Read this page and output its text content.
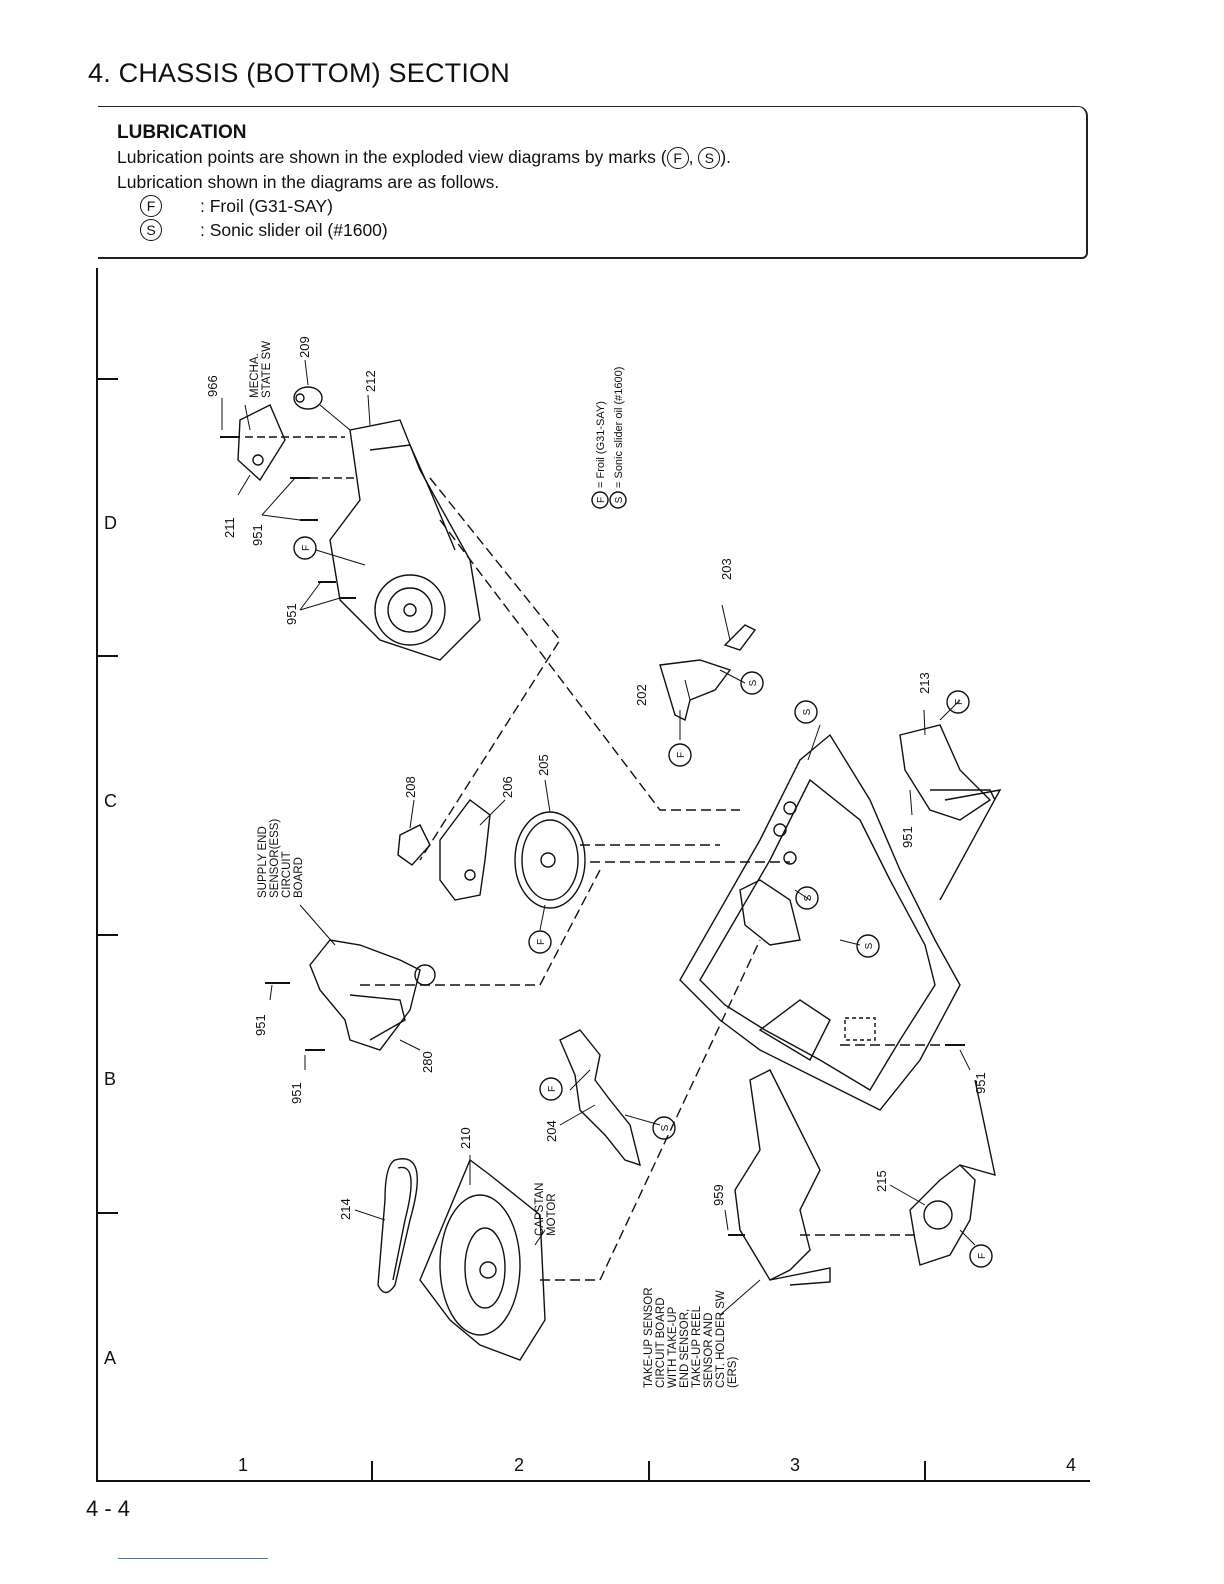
4. CHASSIS (BOTTOM) SECTION
LUBRICATION
Lubrication points are shown in the exploded view diagrams by marks ( F , S ).
Lubrication shown in the diagrams are as follows.
F	: Froil (G31-SAY)
S	: Sonic slider oil (#1600)
D
C
B
A
1	2	3	4
4 - 4
F
= Froil (G31-SAY)
S
= Sonic slider oil (#1600)
F
F
S
S
F
F
S
S
F
S
F
966
209
212
211 951
951
203
202
213
951
208	206
205
951
951
280
210
214
204
959
215
951
MECHA. STATE SW
SUPPLY END SENSOR(ESS) CIRCUIT BOARD
CAPSTAN MOTOR
TAKE-UP SENSOR CIRCUIT BOARD WITH TAKE-UP END SENSOR, TAKE-UP REEL SENSOR AND CST. HOLDER SW (ERS)
